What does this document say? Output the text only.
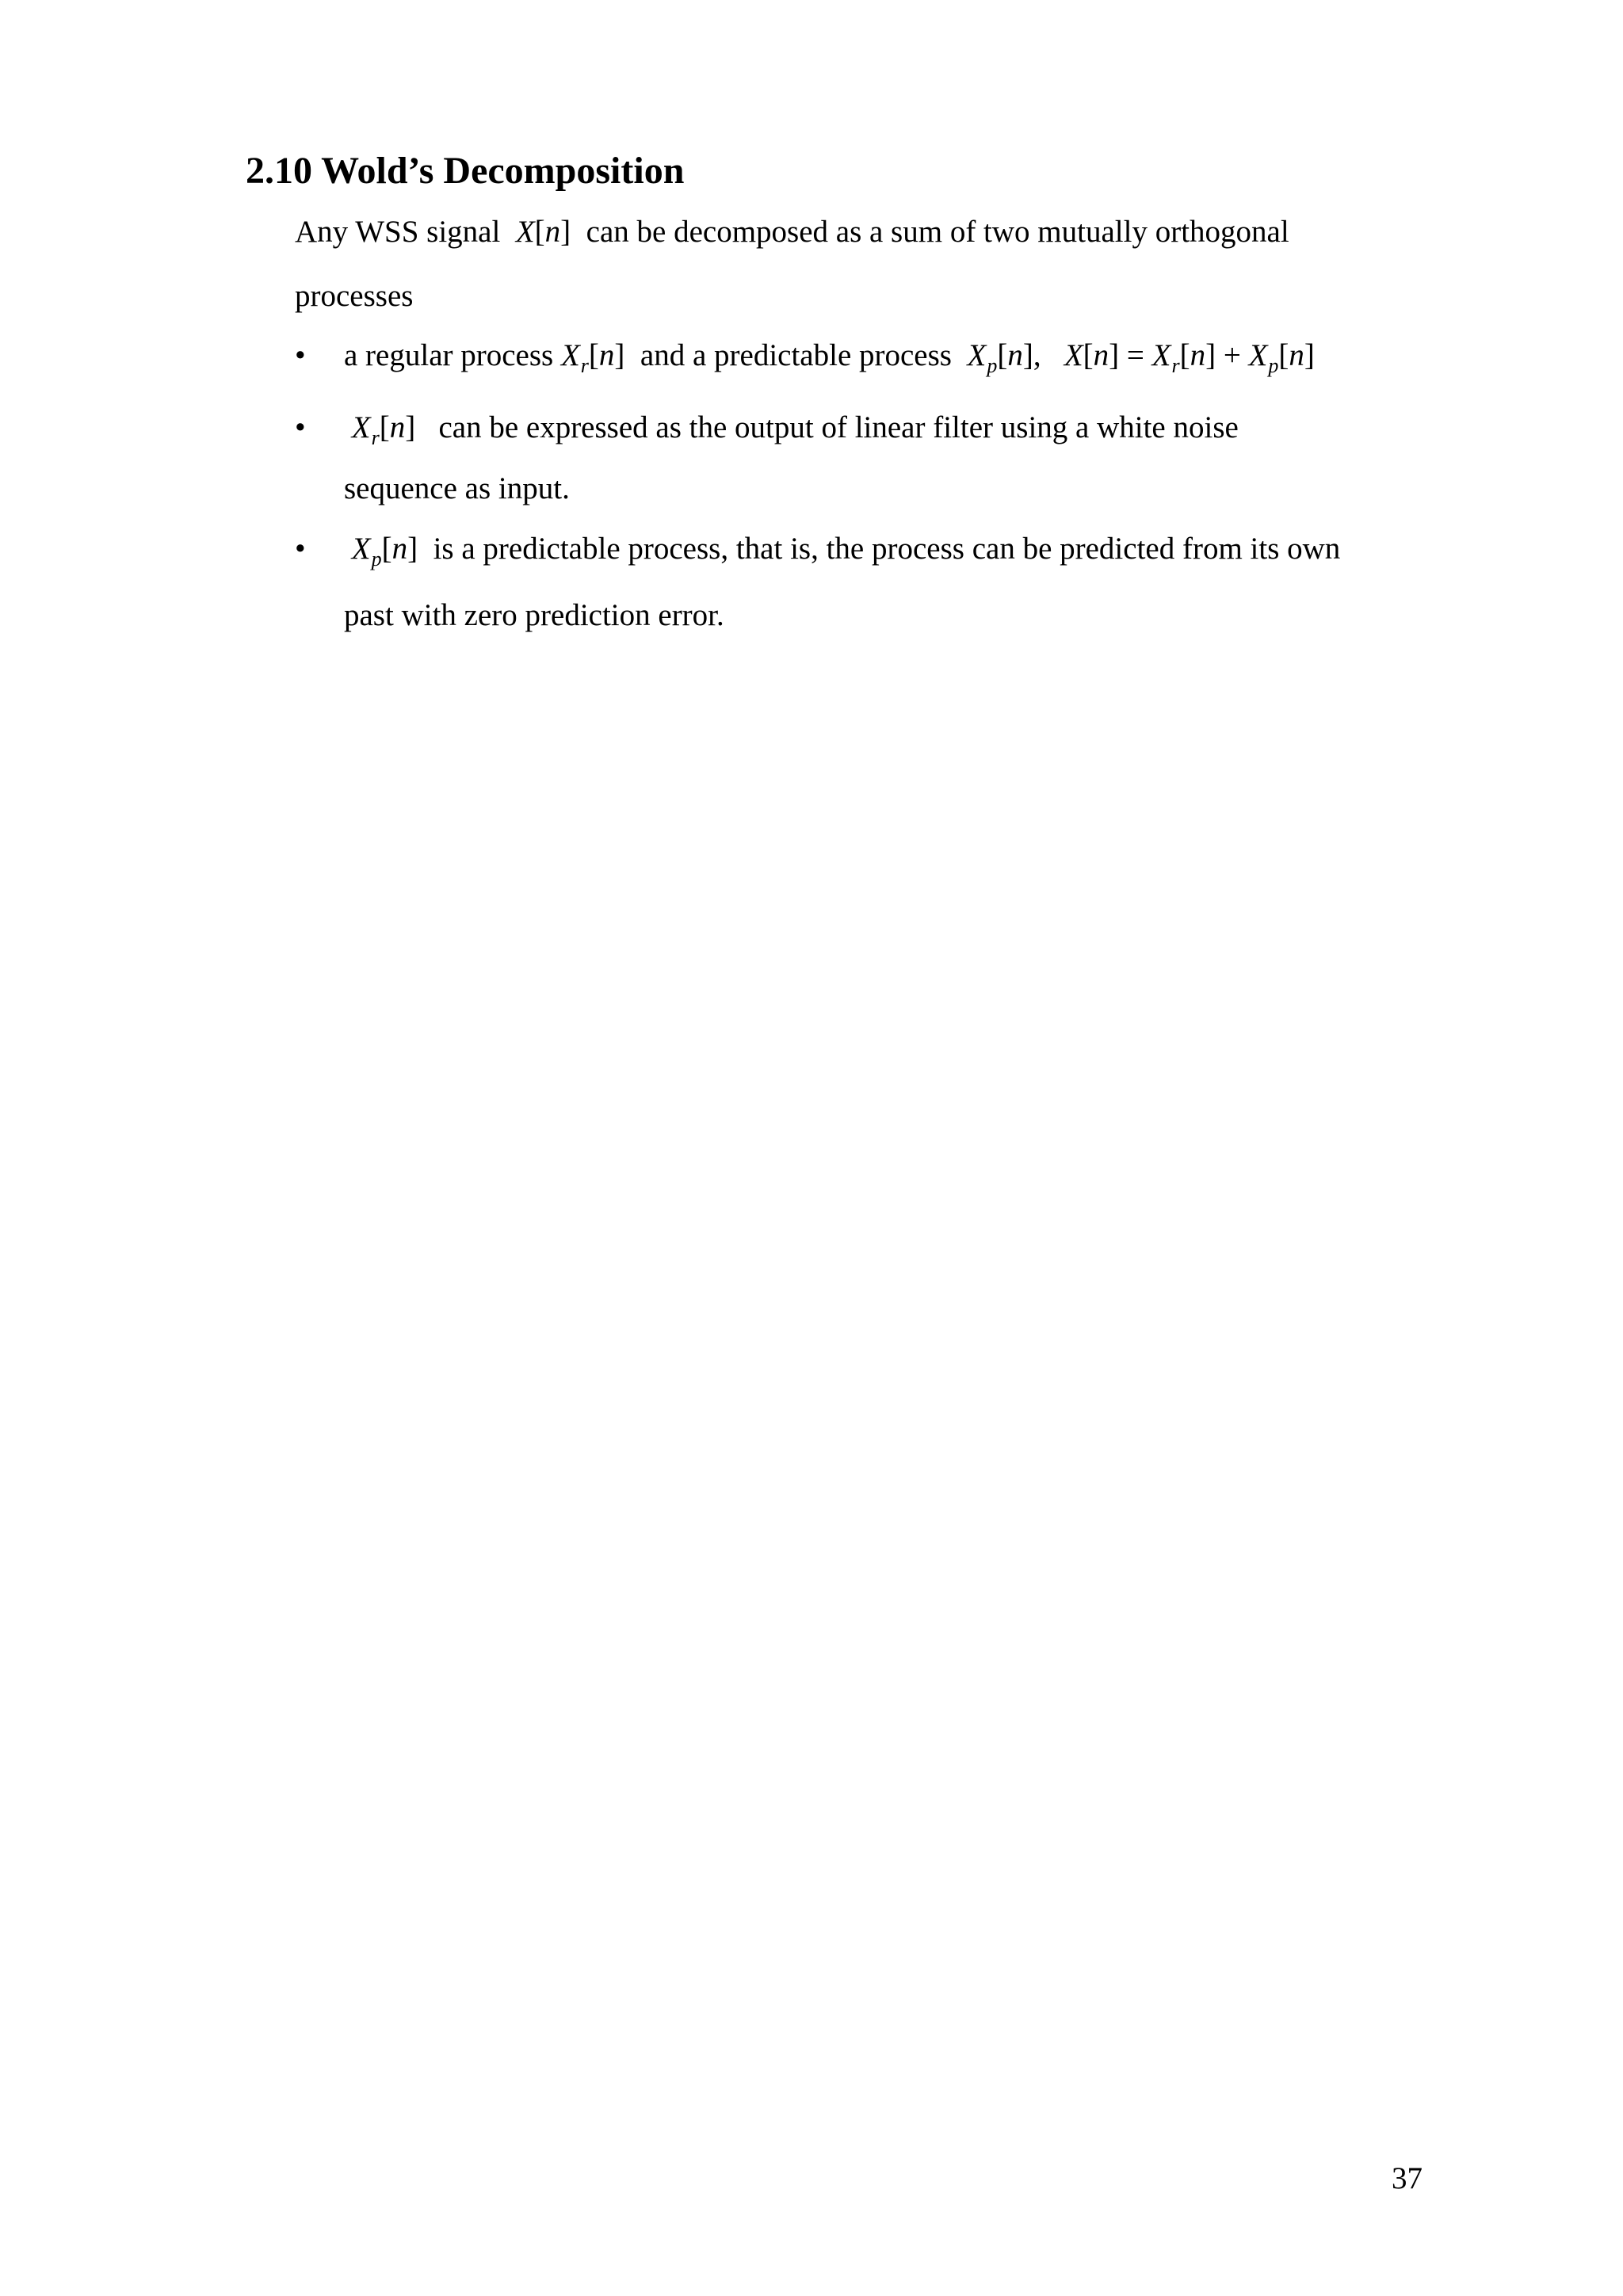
2.10 Wold’s Decomposition
Any WSS signal X[n] can be decomposed as a sum of two mutually orthogonal
processes
• a regular process $X_r[n]$ and a predictable process $X_p[n]$, $X[n] = X_r[n] + X_p[n]$
• $X_r[n]$ can be expressed as the output of linear filter using a white noise
sequence as input.
• $X_p[n]$ is a predictable process, that is, the process can be predicted from its own
past with zero prediction error.
37
